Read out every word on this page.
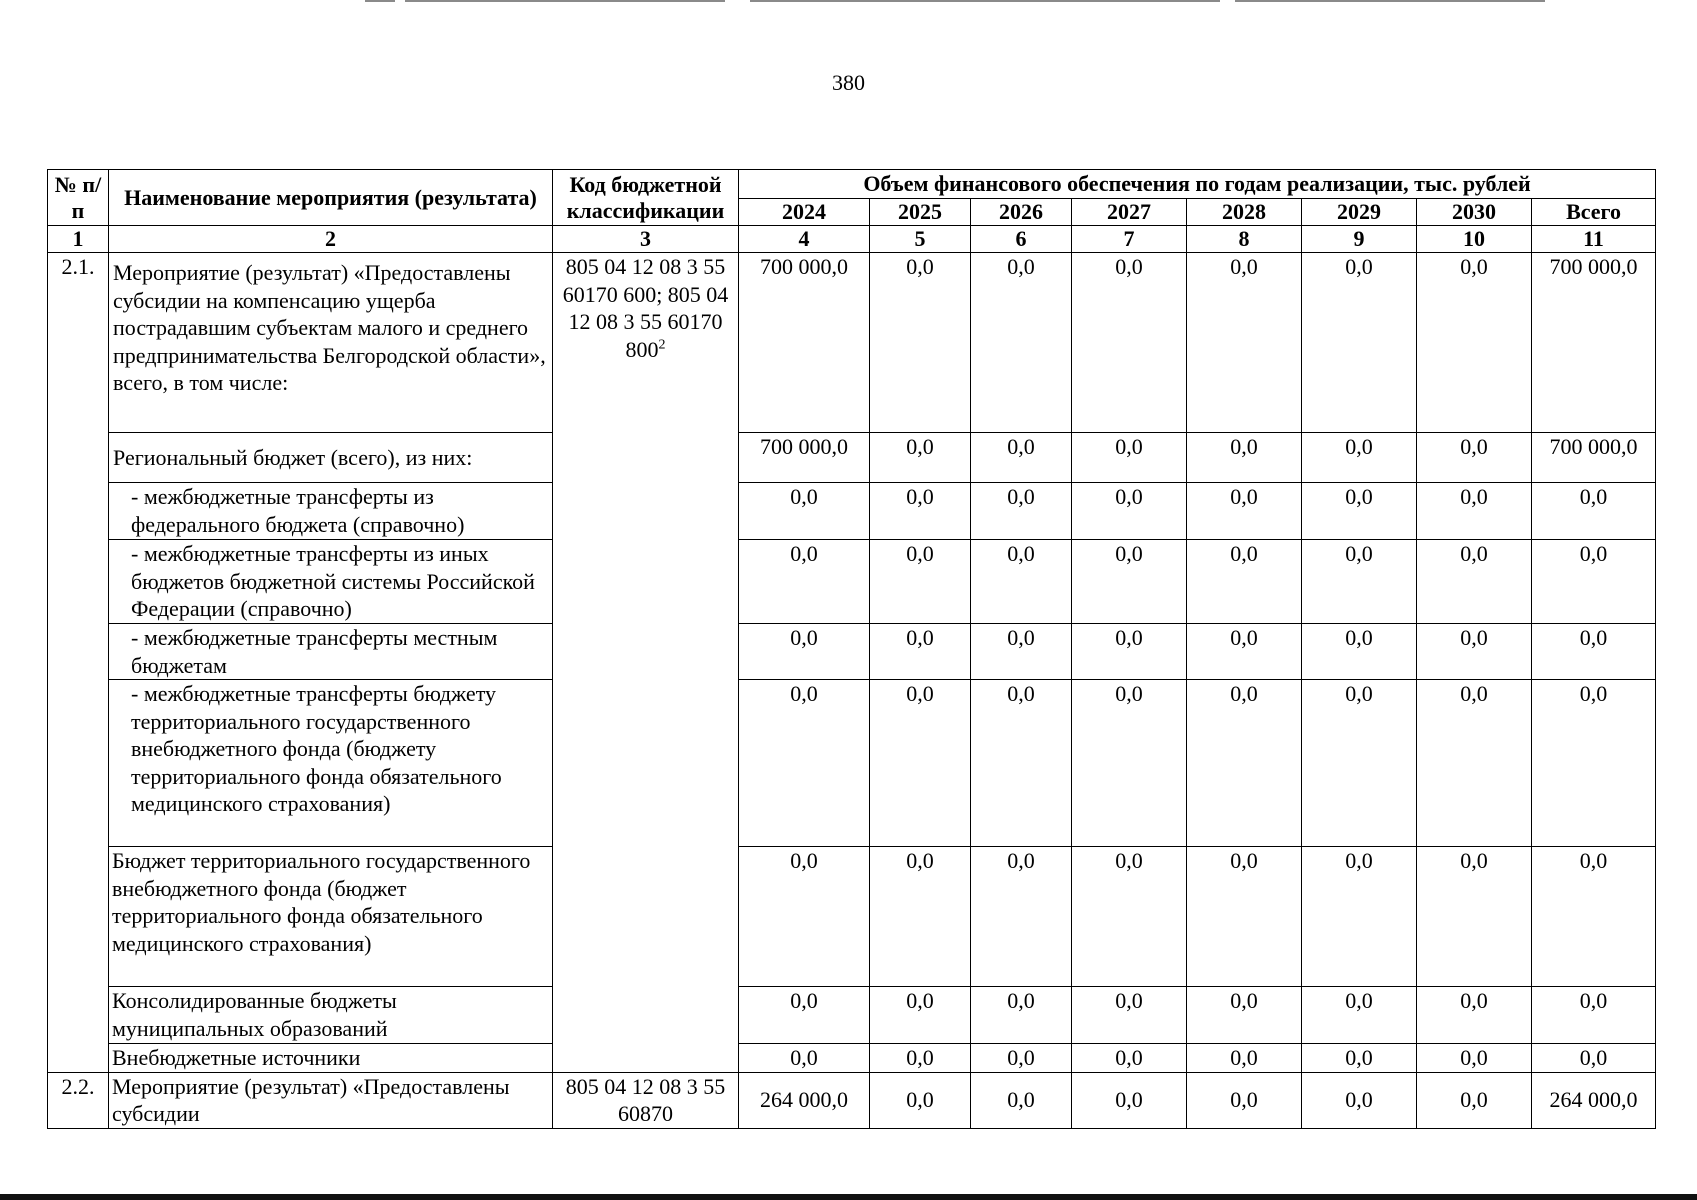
380
№ п/п	Наименование мероприятия (результата)	Код бюджетной классификации	Объем финансового обеспечения по годам реализации, тыс. рублей							
			2024	2025	2026	2027	2028	2029	2030	Всего
1	2	3	4	5	6	7	8	9	10	11
2.1.	Мероприятие (результат) «Предоставлены субсидии на компенсацию ущерба пострадавшим субъектам малого и среднего предпринимательства Белгородской области», всего, в том числе:	805 04 12 08 3 55 60170 600; 805 04 12 08 3 55 60170 $800^2$	700 000,0	0,0	0,0	0,0	0,0	0,0	0,0	700 000,0
	Региональный бюджет (всего), из них:		700 000,0	0,0	0,0	0,0	0,0	0,0	0,0	700 000,0
	- межбюджетные трансферты из федерального бюджета (справочно)		0,0	0,0	0,0	0,0	0,0	0,0	0,0	0,0
	- межбюджетные трансферты из иных бюджетов бюджетной системы Российской Федерации (справочно)		0,0	0,0	0,0	0,0	0,0	0,0	0,0	0,0
	- межбюджетные трансферты местным бюджетам		0,0	0,0	0,0	0,0	0,0	0,0	0,0	0,0
	- межбюджетные трансферты бюджету территориального государственного внебюджетного фонда (бюджету территориального фонда обязательного медицинского страхования)		0,0	0,0	0,0	0,0	0,0	0,0	0,0	0,0
	Бюджет территориального государственного внебюджетного фонда (бюджет территориального фонда обязательного медицинского страхования)		0,0	0,0	0,0	0,0	0,0	0,0	0,0	0,0
	Консолидированные бюджеты муниципальных образований		0,0	0,0	0,0	0,0	0,0	0,0	0,0	0,0
	Внебюджетные источники		0,0	0,0	0,0	0,0	0,0	0,0	0,0	0,0
2.2.	Мероприятие (результат) «Предоставлены субсидии	805 04 12 08 3 55 60870	264 000,0	0,0	0,0	0,0	0,0	0,0	0,0	264 000,0
